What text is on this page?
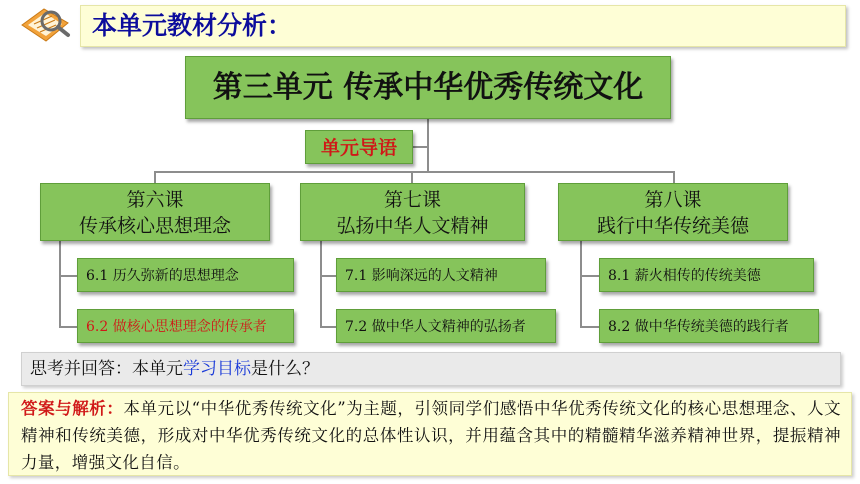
本单元教材分析：
第三单元 传承中华优秀传统文化
单元导语
第六课
传承核心思想理念
第七课
弘扬中华人文精神
第八课
践行中华传统美德
6.1 历久弥新的思想理念
6.2 做核心思想理念的传承者
7.1 影响深远的人文精神
7.2 做中华人文精神的弘扬者
8.1 薪火相传的传统美德
8.2 做中华传统美德的践行者
思考并回答：本单元学习目标是什么？
答案与解析：本单元以“中华优秀传统文化”为主题，引领同学们感悟中华优秀传统文化的核心思想理念、人文精神和传统美德，形成对中华优秀传统文化的总体性认识，并用蕴含其中的精髓精华滋养精神世界，提振精神力量，增强文化自信。
